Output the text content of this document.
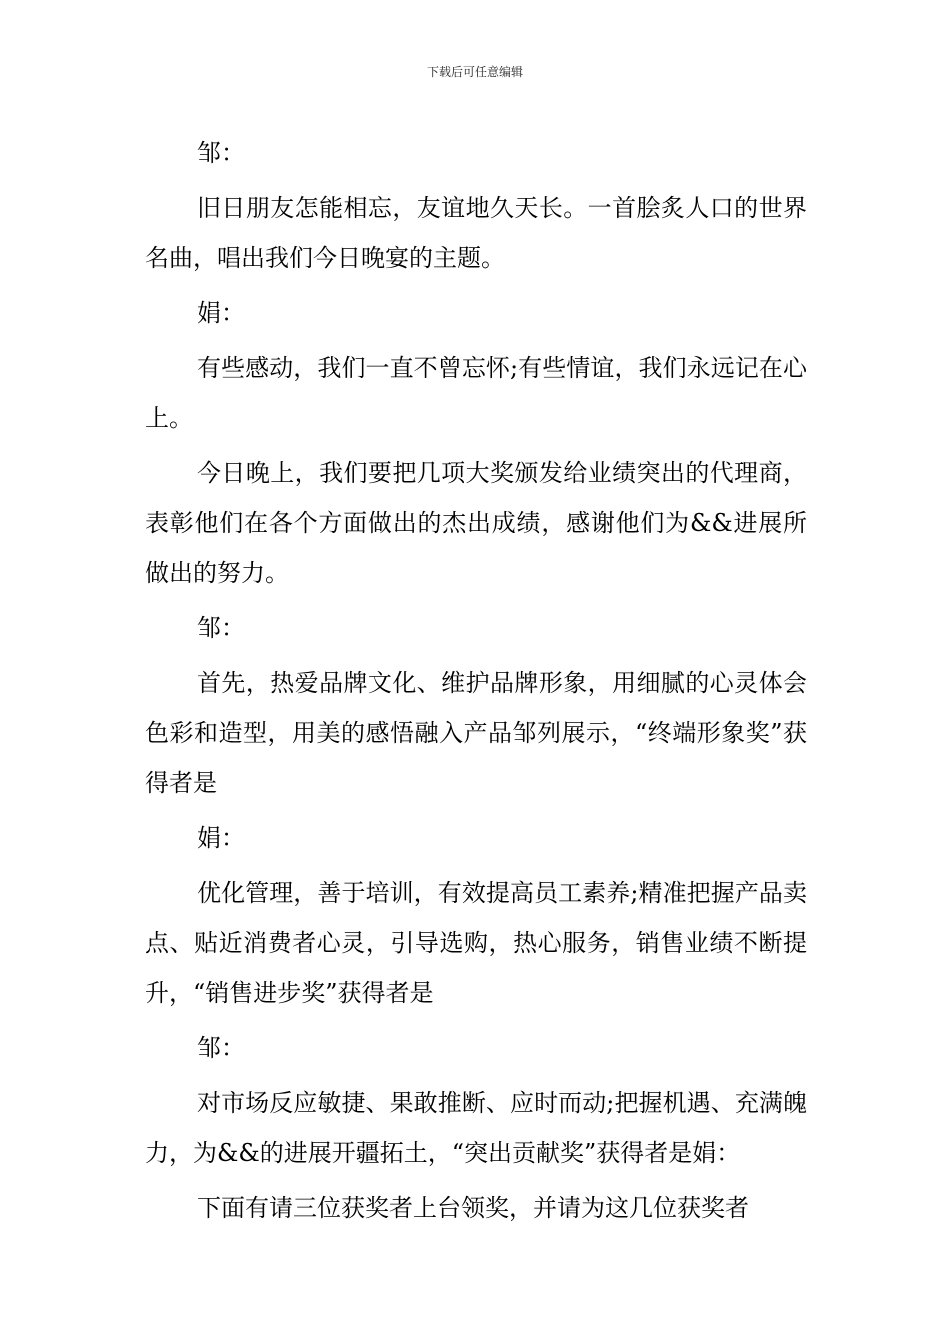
下载后可任意编辑

邹：

旧日朋友怎能相忘，友谊地久天长。一首脍炙人口的世界名曲，唱出我们今日晚宴的主题。

娟：

有些感动，我们一直不曾忘怀;有些情谊，我们永远记在心上。

今日晚上，我们要把几项大奖颁发给业绩突出的代理商，表彰他们在各个方面做出的杰出成绩，感谢他们为&&进展所做出的努力。

邹：

首先，热爱品牌文化、维护品牌形象，用细腻的心灵体会色彩和造型，用美的感悟融入产品邹列展示，“终端形象奖”获得者是

娟：

优化管理，善于培训，有效提高员工素养;精准把握产品卖点、贴近消费者心灵，引导选购，热心服务，销售业绩不断提升，“销售进步奖”获得者是

邹：

对市场反应敏捷、果敢推断、应时而动;把握机遇、充满魄力，为&&的进展开疆拓土，“突出贡献奖”获得者是娟：

下面有请三位获奖者上台领奖，并请为这几位获奖者
